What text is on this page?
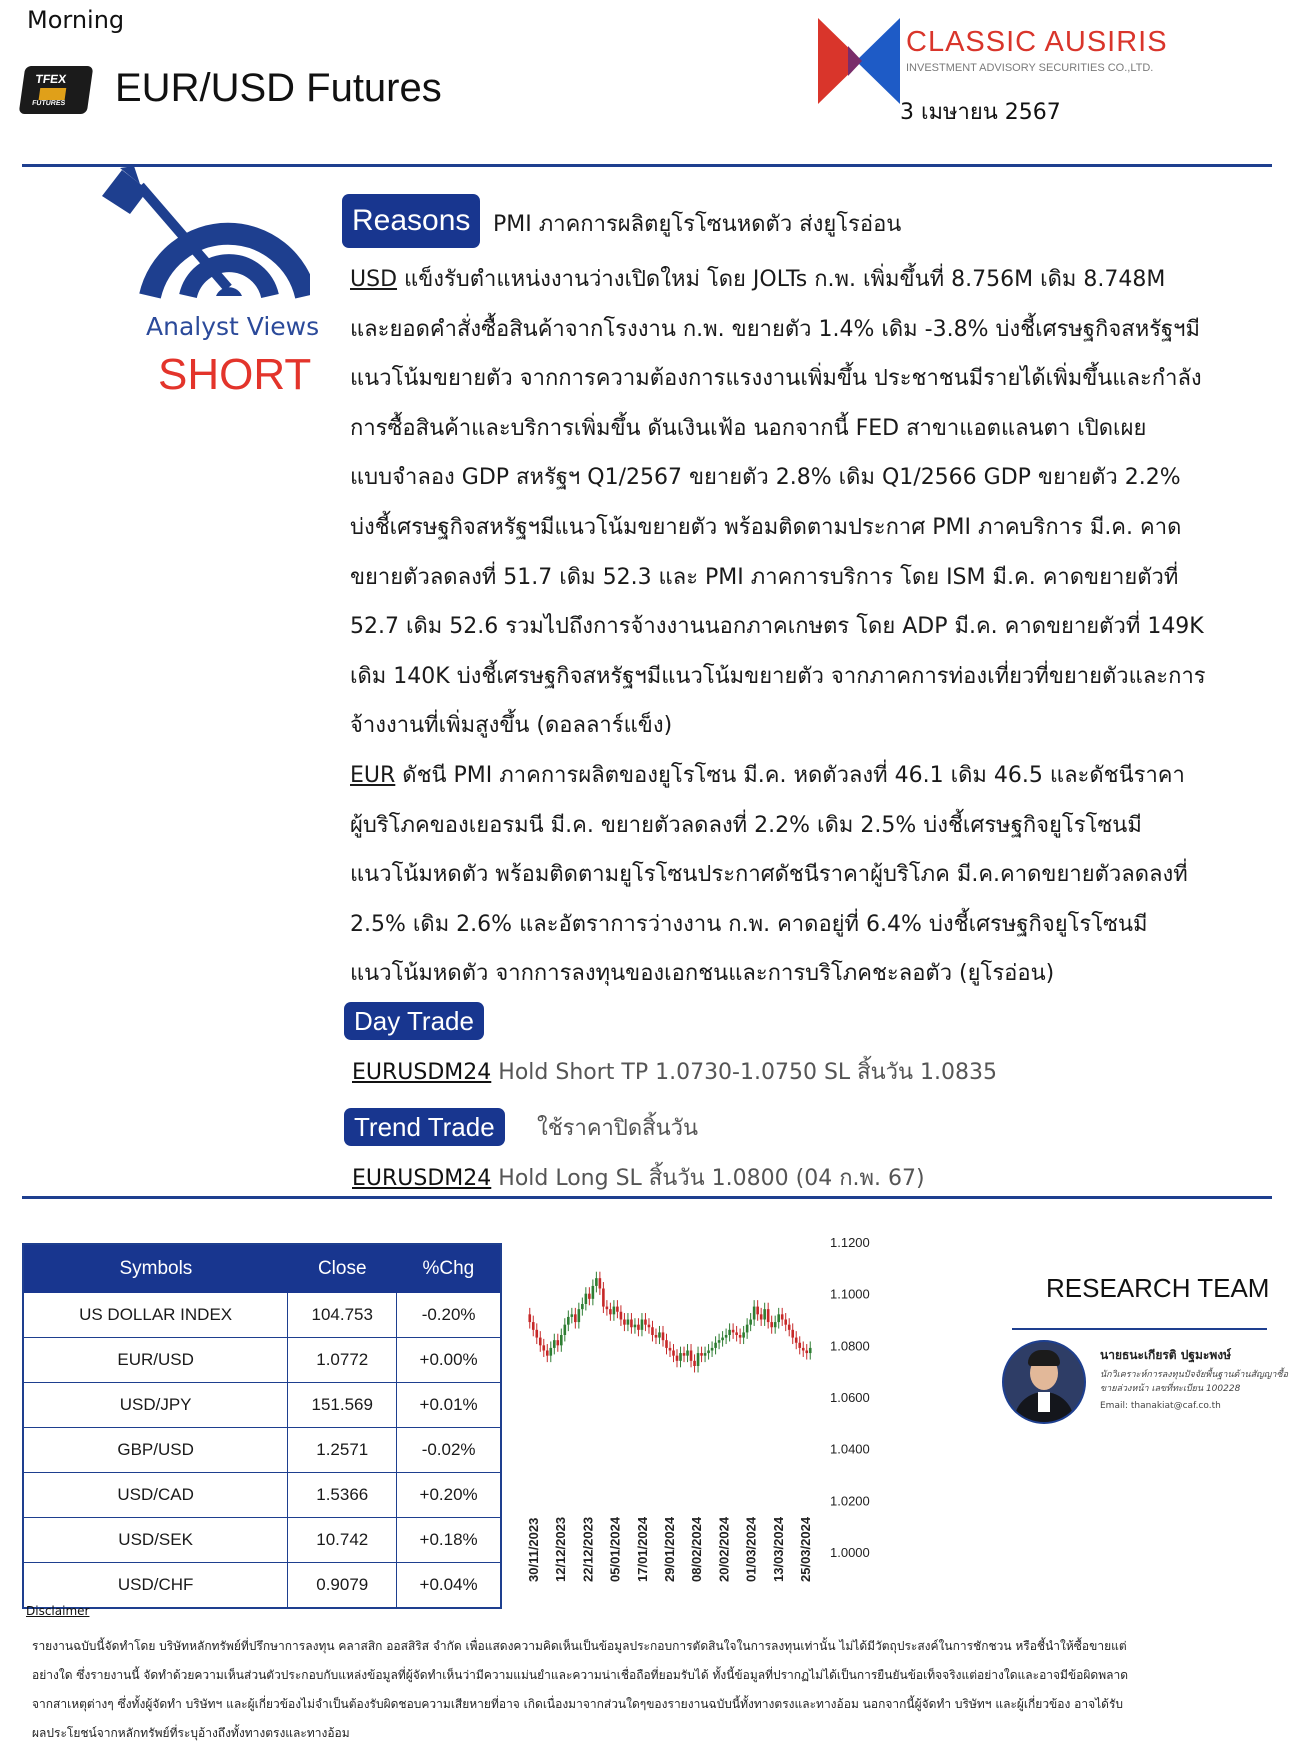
Morning
TFEX
FUTURES EUR/USD Futures
CLASSIC AUSIRIS
INVESTMENT ADVISORY SECURITIES CO.,LTD.
3 เมษายน 2567
Analyst Views
SHORT
Reasons	PMI ภาคการผลิตยูโรโซนหดตัว ส่งยูโรอ่อน
USD แข็งรับตำแหน่งงานว่างเปิดใหม่ โดย JOLTs ก.พ. เพิ่มขึ้นที่ 8.756M เดิม 8.748M
และยอดคำสั่งซื้อสินค้าจากโรงงาน ก.พ. ขยายตัว 1.4% เดิม -3.8% บ่งชี้เศรษฐกิจสหรัฐฯมี
แนวโน้มขยายตัว จากการความต้องการแรงงานเพิ่มขึ้น ประชาชนมีรายได้เพิ่มขึ้นและกำลัง
การซื้อสินค้าและบริการเพิ่มขึ้น ดันเงินเฟ้อ นอกจากนี้ FED สาขาแอตแลนตา เปิดเผย
แบบจำลอง GDP สหรัฐฯ Q1/2567 ขยายตัว 2.8% เดิม Q1/2566 GDP ขยายตัว 2.2%
บ่งชี้เศรษฐกิจสหรัฐฯมีแนวโน้มขยายตัว พร้อมติดตามประกาศ PMI ภาคบริการ มี.ค. คาด
ขยายตัวลดลงที่ 51.7 เดิม 52.3 และ PMI ภาคการบริการ โดย ISM มี.ค. คาดขยายตัวที่
52.7 เดิม 52.6 รวมไปถึงการจ้างงานนอกภาคเกษตร โดย ADP มี.ค. คาดขยายตัวที่ 149K
เดิม 140K บ่งชี้เศรษฐกิจสหรัฐฯมีแนวโน้มขยายตัว จากภาคการท่องเที่ยวที่ขยายตัวและการ
จ้างงานที่เพิ่มสูงขึ้น (ดอลลาร์แข็ง)
EUR ดัชนี PMI ภาคการผลิตของยูโรโซน มี.ค. หดตัวลงที่ 46.1 เดิม 46.5 และดัชนีราคา
ผู้บริโภคของเยอรมนี มี.ค. ขยายตัวลดลงที่ 2.2% เดิม 2.5% บ่งชี้เศรษฐกิจยูโรโซนมี
แนวโน้มหดตัว พร้อมติดตามยูโรโซนประกาศดัชนีราคาผู้บริโภค มี.ค.คาดขยายตัวลดลงที่
2.5% เดิม 2.6% และอัตราการว่างงาน ก.พ. คาดอยู่ที่ 6.4% บ่งชี้เศรษฐกิจยูโรโซนมี
แนวโน้มหดตัว จากการลงทุนของเอกชนและการบริโภคชะลอตัว (ยูโรอ่อน)
Day Trade
EURUSDM24 Hold Short TP 1.0730-1.0750 SL สิ้นวัน 1.0835
Trend Trade	ใช้ราคาปิดสิ้นวัน
EURUSDM24 Hold Long SL สิ้นวัน 1.0800 (04 ก.พ. 67)
Symbols	Close	%Chg
US DOLLAR INDEX	104.753	-0.20%
EUR/USD	1.0772	+0.00%
USD/JPY	151.569	+0.01%
GBP/USD	1.2571	-0.02%
USD/CAD	1.5366	+0.20%
USD/SEK	10.742	+0.18%
USD/CHF	0.9079	+0.04%
1.1200
1.1000
1.0800
1.0600
1.0400
1.0200
1.0000
30/11/2023 12/12/2023 22/12/2023 05/01/2024 17/01/2024 29/01/2024 08/02/2024 20/02/2024 01/03/2024 13/03/2024 25/03/2024
RESEARCH TEAM
นายธนะเกียรติ ปฐมะพงษ์
นักวิเคราะห์การลงทุนปัจจัยพื้นฐานด้านสัญญาซื้อขายล่วงหน้า เลขที่ทะเบียน 100228
Email: thanakiat@caf.co.th
Disclaimer
รายงานฉบับนี้จัดทำโดย บริษัทหลักทรัพย์ที่ปรึกษาการลงทุน คลาสสิก ออสสิริส จำกัด เพื่อแสดงความคิดเห็นเป็นข้อมูลประกอบการตัดสินใจในการลงทุนเท่านั้น ไม่ได้มีวัตถุประสงค์ในการชักชวน หรือชี้นำให้ซื้อขายแต่
อย่างใด ซึ่งรายงานนี้ จัดทำด้วยความเห็นส่วนตัวประกอบกับแหล่งข้อมูลที่ผู้จัดทำเห็นว่ามีความแม่นยำและความน่าเชื่อถือที่ยอมรับได้ ทั้งนี้ข้อมูลที่ปรากฏไม่ได้เป็นการยืนยันข้อเท็จจริงแต่อย่างใดและอาจมีข้อผิดพลาด
จากสาเหตุต่างๆ ซึ่งทั้งผู้จัดทำ บริษัทฯ และผู้เกี่ยวข้องไม่จำเป็นต้องรับผิดชอบความเสียหายที่อาจ เกิดเนื่องมาจากส่วนใดๆของรายงานฉบับนี้ทั้งทางตรงและทางอ้อม นอกจากนี้ผู้จัดทำ บริษัทฯ และผู้เกี่ยวข้อง อาจได้รับ
ผลประโยชน์จากหลักทรัพย์ที่ระบุอ้างถึงทั้งทางตรงและทางอ้อม
